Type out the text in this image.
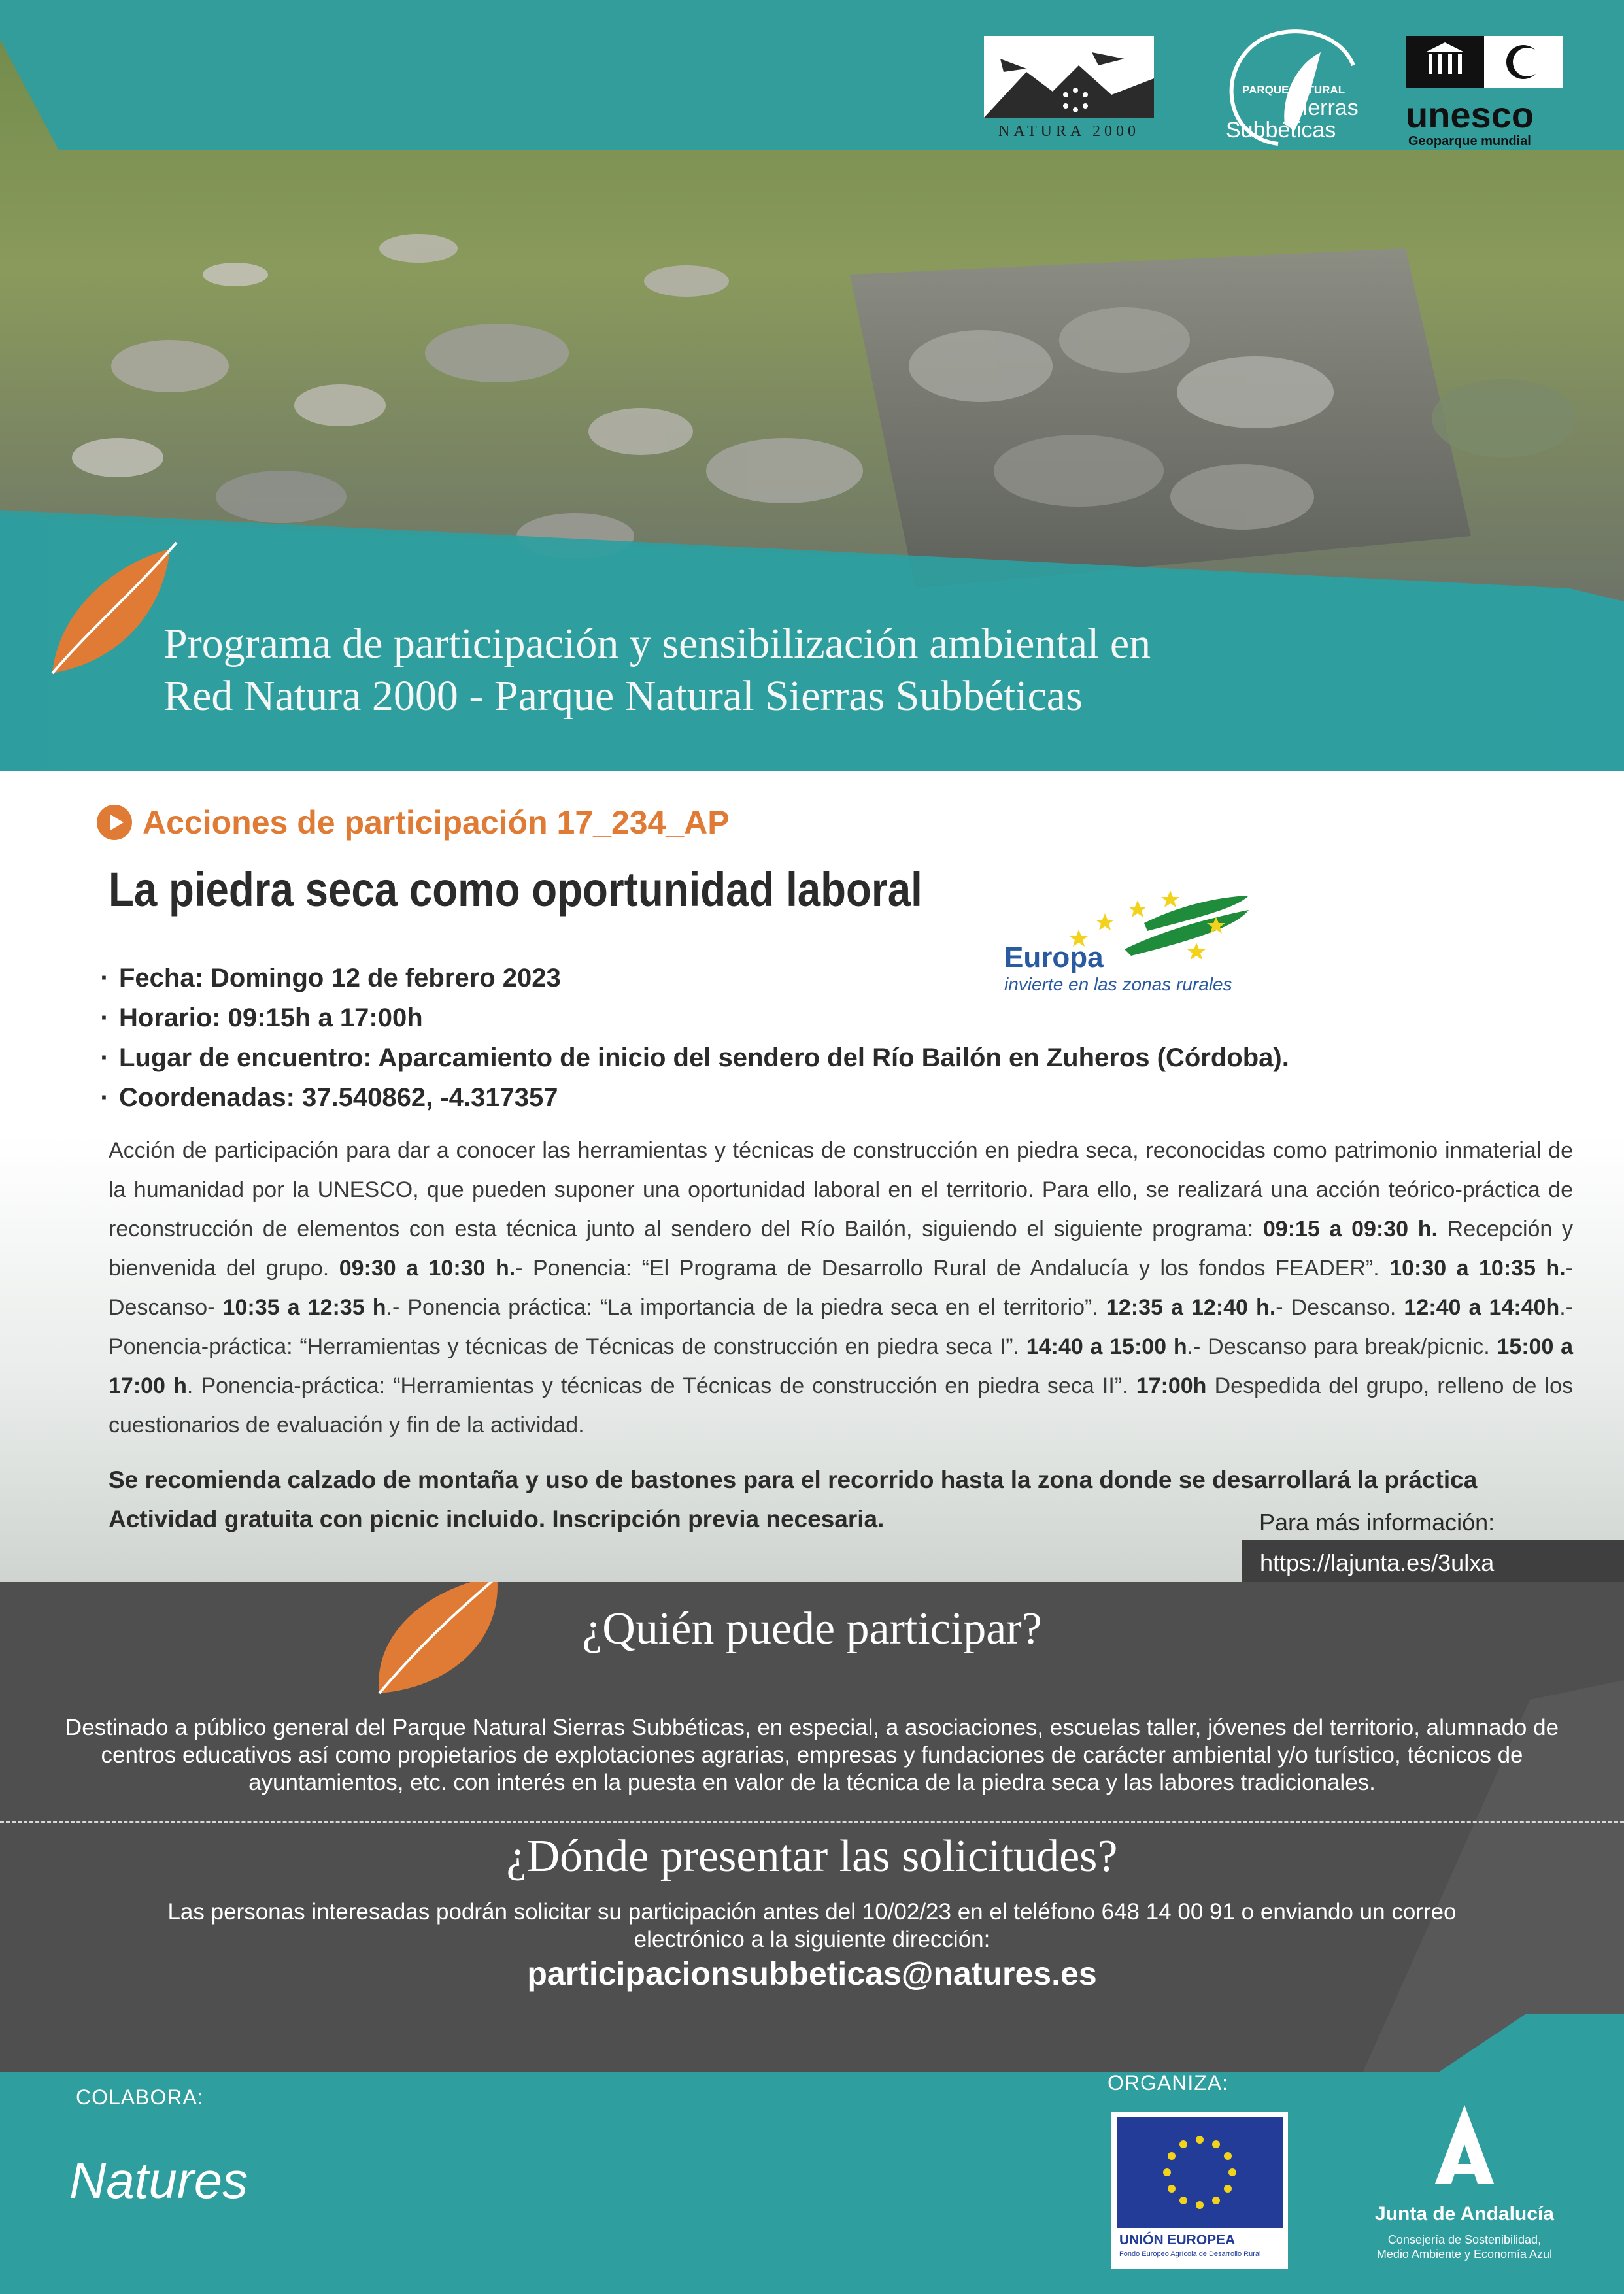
NATURA 2000
PARQUE NATURAL
Sierras
Subbéticas unesco
Geoparque mundial
Programa de participación y sensibilización ambiental en
Red Natura 2000 - Parque Natural Sierras Subbéticas
Acciones de participación 17_234_AP
La piedra seca como oportunidad laboral
Europa
invierte en las zonas rurales
· Fecha: Domingo 12 de febrero 2023
· Horario: 09:15h a 17:00h
· Lugar de encuentro: Aparcamiento de inicio del sendero del Río Bailón en Zuheros (Córdoba).
· Coordenadas: 37.540862, -4.317357
Acción de participación para dar a conocer las herramientas y técnicas de construcción en piedra seca, reconocidas como patrimonio inmaterial de la humanidad por la UNESCO, que pueden suponer una oportunidad laboral en el territorio. Para ello, se realizará una acción teórico-práctica de reconstrucción de elementos con esta técnica junto al sendero del Río Bailón, siguiendo el siguiente programa: 09:15 a 09:30 h. Recepción y bienvenida del grupo. 09:30 a 10:30 h.- Ponencia: “El Programa de Desarrollo Rural de Andalucía y los fondos FEADER”. 10:30 a 10:35 h.- Descanso- 10:35 a 12:35 h.- Ponencia práctica: “La importancia de la piedra seca en el territorio”. 12:35 a 12:40 h.- Descanso. 12:40 a 14:40h.- Ponencia-práctica: “Herramientas y técnicas de Técnicas de construcción en piedra seca I”. 14:40 a 15:00 h.- Descanso para break/picnic. 15:00 a 17:00 h. Ponencia-práctica: “Herramientas y técnicas de Técnicas de construcción en piedra seca II”. 17:00h Despedida del grupo, relleno de los cuestionarios de evaluación y fin de la actividad.
Se recomienda calzado de montaña y uso de bastones para el recorrido hasta la zona donde se desarrollará la práctica
Actividad gratuita con picnic incluido. Inscripción previa necesaria.	Para más información:
https://lajunta.es/3ulxa
¿Quién puede participar?
Destinado a público general del Parque Natural Sierras Subbéticas, en especial, a asociaciones, escuelas taller, jóvenes del territorio, alumnado de centros educativos así como propietarios de explotaciones agrarias, empresas y fundaciones de carácter ambiental y/o turístico, técnicos de ayuntamientos, etc. con interés en la puesta en valor de la técnica de la piedra seca y las labores tradicionales.
¿Dónde presentar las solicitudes?
Las personas interesadas podrán solicitar su participación antes del 10/02/23 en el teléfono 648 14 00 91 o enviando un correo electrónico a la siguiente dirección:
participacionsubbeticas@natures.es
COLABORA:
ORGANIZA:
Natures
UNIÓN EUROPEA
Fondo Europeo Agrícola de Desarrollo Rural
Junta de Andalucía
Consejería de Sostenibilidad,
Medio Ambiente y Economía Azul
